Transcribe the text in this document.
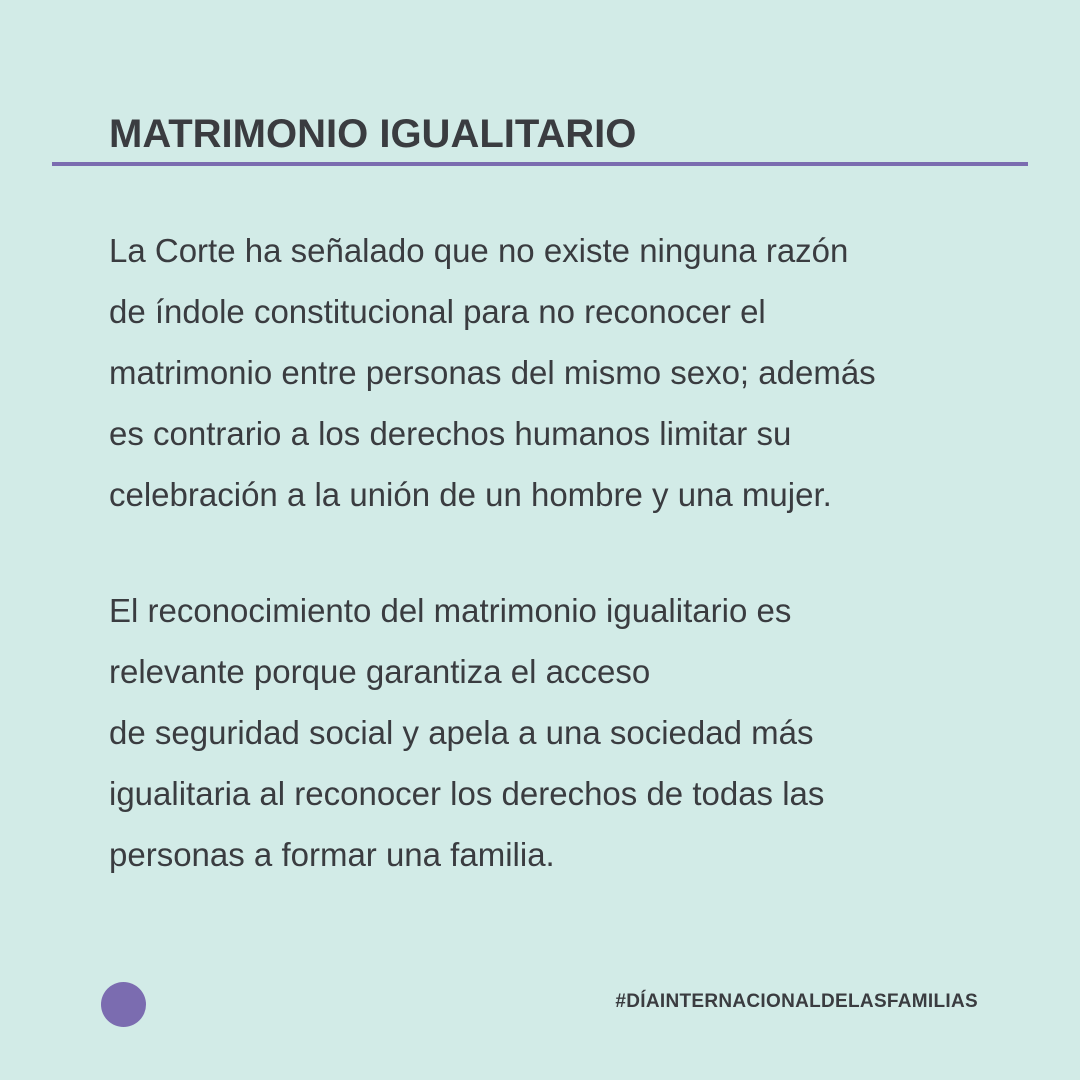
MATRIMONIO IGUALITARIO

La Corte ha señalado que no existe ninguna razón
de índole constitucional para no reconocer el
matrimonio entre personas del mismo sexo; además
es contrario a los derechos humanos limitar su
celebración a la unión de un hombre y una mujer.

El reconocimiento del matrimonio igualitario es
relevante porque garantiza el acceso
de seguridad social y apela a una sociedad más
igualitaria al reconocer los derechos de todas las
personas a formar una familia.

#DÍAINTERNACIONALDELASFAMILIAS
